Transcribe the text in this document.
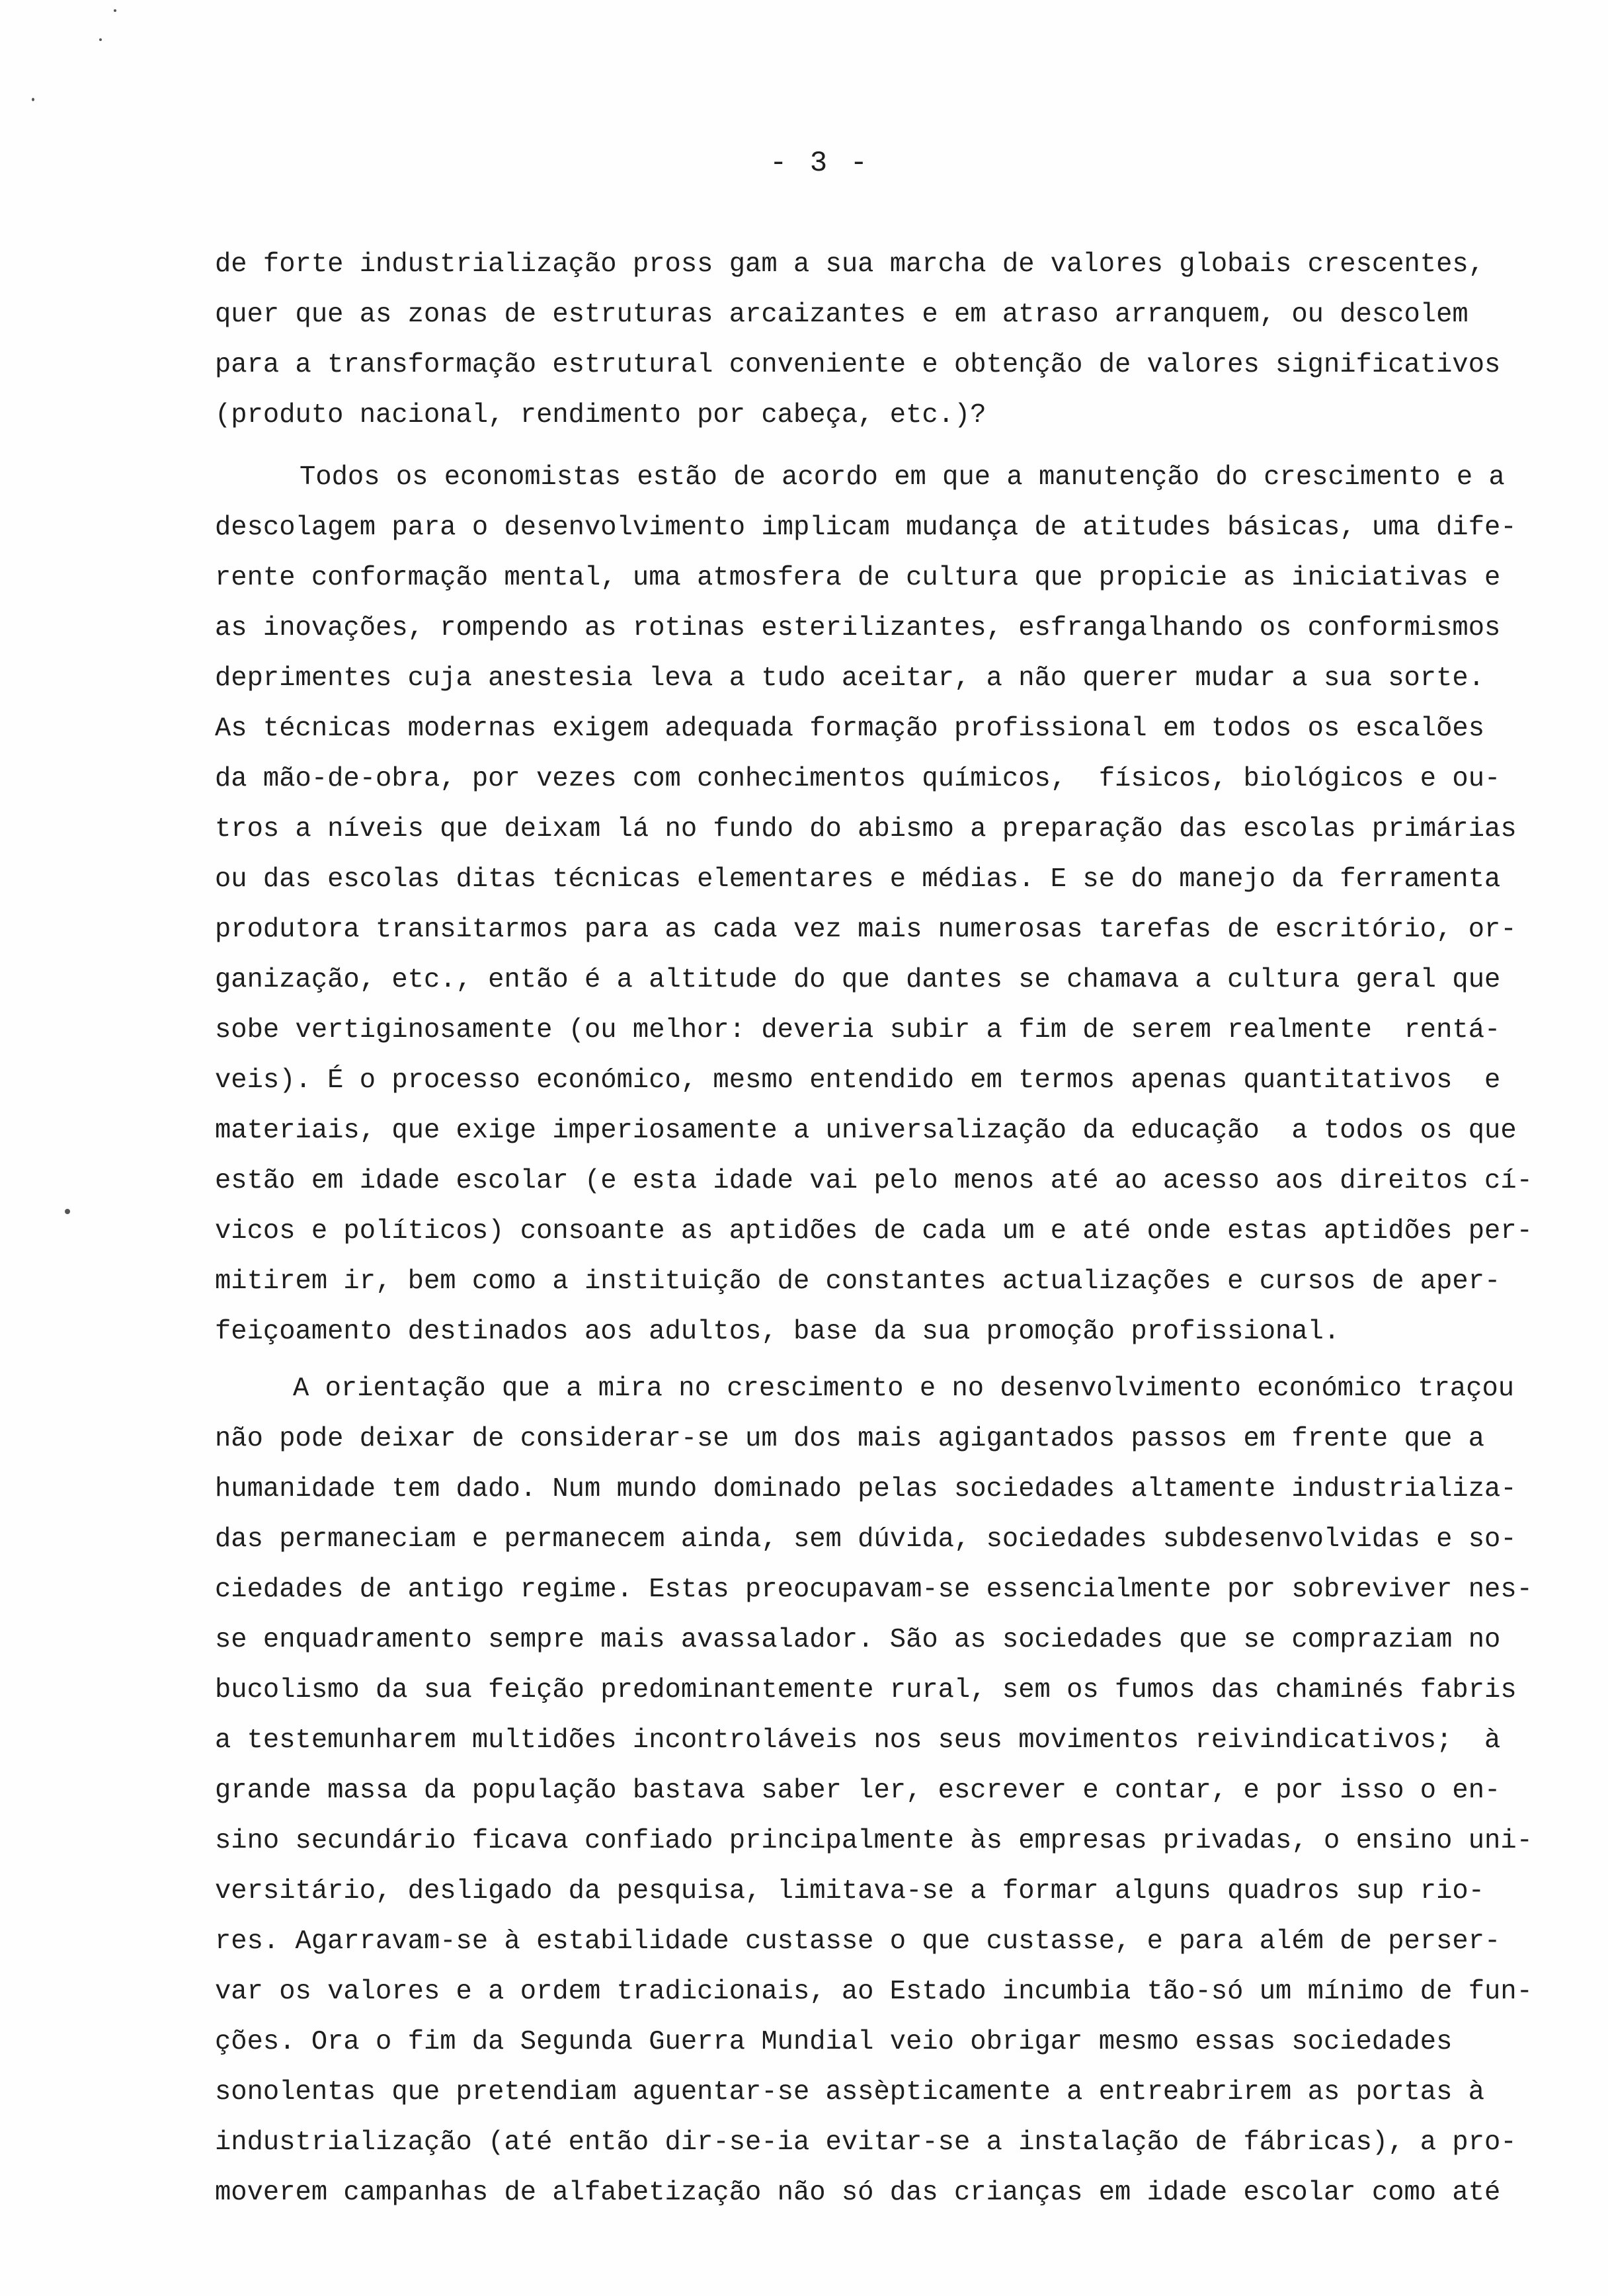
- 3 -
de forte industrialização pross gam a sua marcha de valores globais crescentes,
quer que as zonas de estruturas arcaizantes e em atraso arranquem, ou descolem
para a transformação estrutural conveniente e obtenção de valores significativos
(produto nacional, rendimento por cabeça, etc.)?
Todos os economistas estão de acordo em que a manutenção do crescimento e a
descolagem para o desenvolvimento implicam mudança de atitudes básicas, uma dife-
rente conformação mental, uma atmosfera de cultura que propicie as iniciativas e
as inovações, rompendo as rotinas esterilizantes, esfrangalhando os conformismos
deprimentes cuja anestesia leva a tudo aceitar, a não querer mudar a sua sorte.
As técnicas modernas exigem adequada formação profissional em todos os escalões
da mão-de-obra, por vezes com conhecimentos químicos,  físicos, biológicos e ou-
tros a níveis que deixam lá no fundo do abismo a preparação das escolas primárias
ou das escolas ditas técnicas elementares e médias. E se do manejo da ferramenta
produtora transitarmos para as cada vez mais numerosas tarefas de escritório, or-
ganização, etc., então é a altitude do que dantes se chamava a cultura geral que
sobe vertiginosamente (ou melhor: deveria subir a fim de serem realmente  rentá-
veis). É o processo económico, mesmo entendido em termos apenas quantitativos  e
materiais, que exige imperiosamente a universalização da educação  a todos os que
estão em idade escolar (e esta idade vai pelo menos até ao acesso aos direitos cí-
vicos e políticos) consoante as aptidões de cada um e até onde estas aptidões per-
mitirem ir, bem como a instituição de constantes actualizações e cursos de aper-
feiçoamento destinados aos adultos, base da sua promoção profissional.
A orientação que a mira no crescimento e no desenvolvimento económico traçou
não pode deixar de considerar-se um dos mais agigantados passos em frente que a
humanidade tem dado. Num mundo dominado pelas sociedades altamente industrializa-
das permaneciam e permanecem ainda, sem dúvida, sociedades subdesenvolvidas e so-
ciedades de antigo regime. Estas preocupavam-se essencialmente por sobreviver nes-
se enquadramento sempre mais avassalador. São as sociedades que se compraziam no
bucolismo da sua feição predominantemente rural, sem os fumos das chaminés fabris
a testemunharem multidões incontroláveis nos seus movimentos reivindicativos;  à
grande massa da população bastava saber ler, escrever e contar, e por isso o en-
sino secundário ficava confiado principalmente às empresas privadas, o ensino uni-
versitário, desligado da pesquisa, limitava-se a formar alguns quadros sup rio-
res. Agarravam-se à estabilidade custasse o que custasse, e para além de perser-
var os valores e a ordem tradicionais, ao Estado incumbia tão-só um mínimo de fun-
ções. Ora o fim da Segunda Guerra Mundial veio obrigar mesmo essas sociedades
sonolentas que pretendiam aguentar-se assèpticamente a entreabrirem as portas à
industrialização (até então dir-se-ia evitar-se a instalação de fábricas), a pro-
moverem campanhas de alfabetização não só das crianças em idade escolar como até
